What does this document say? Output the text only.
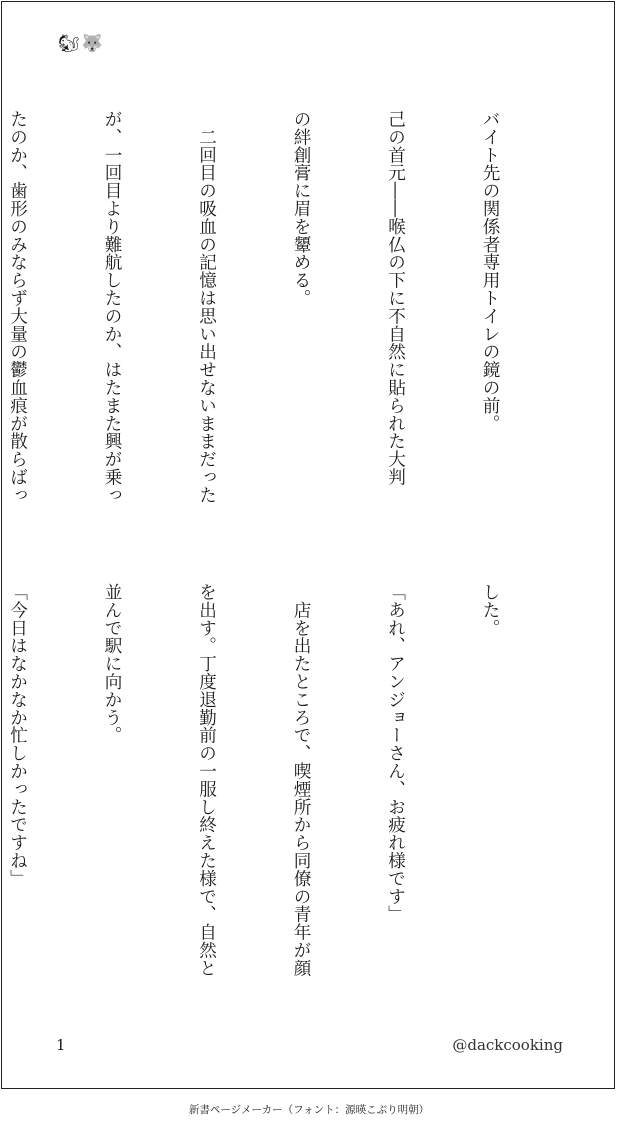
🐿 🐺

バイト先の関係者専用トイレの鏡の前。

己の首元――喉仏の下に不自然に貼られた大判

の絆創膏に眉を顰める。

　二回目の吸血の記憶は思い出せないままだった

が、一回目より難航したのか、はたまた興が乗っ

たのか、歯形のみならず大量の鬱血痕が散らばっ

した。

「あれ、アンジョーさん、お疲れ様です」

　店を出たところで、喫煙所から同僚の青年が顔

を出す。丁度退勤前の一服し終えた様で、自然と

並んで駅に向かう。

「今日はなかなか忙しかったですね」

1	@dackcooking
新書ページメーカー（フォント：源暎こぶり明朝）
